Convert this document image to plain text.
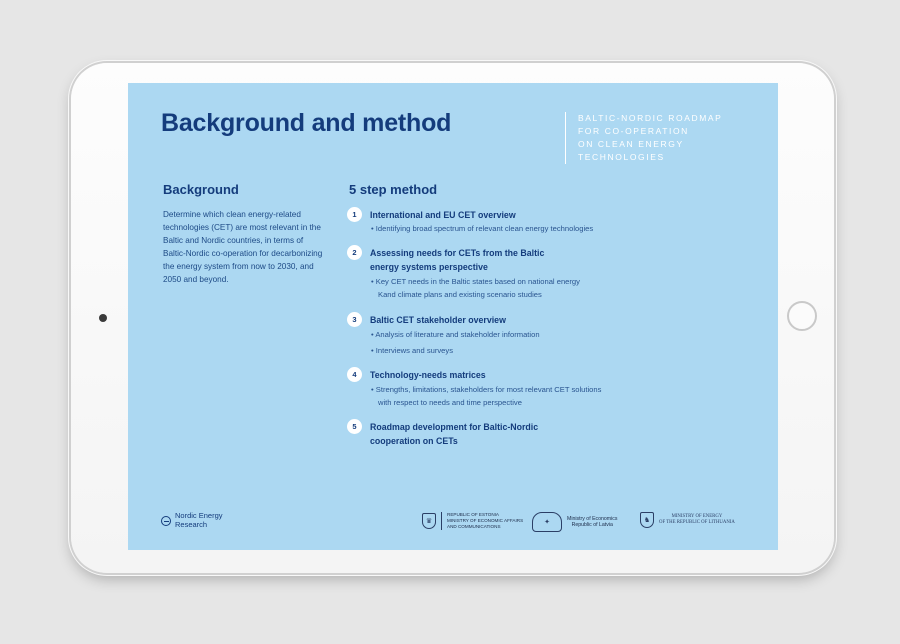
Background and method	BALTIC-NORDIC ROADMAP
FOR CO-OPERATION
ON CLEAN ENERGY
TECHNOLOGIES
Background
Determine which clean energy-related technologies (CET) are most relevant in the Baltic and Nordic countries, in terms of Baltic-Nordic co-operation for decarbonizing the energy system from now to 2030, and 2050 and beyond.
5 step method
1	International and EU CET overview
• Identifying broad spectrum of relevant clean energy technologies
2	Assessing needs for CETs from the Baltic energy systems perspective
• Key CET needs in the Baltic states based on national energy
Kand climate plans and existing scenario studies
3	Baltic CET stakeholder overview
• Analysis of literature and stakeholder information
• Interviews and surveys
4	Technology-needs matrices
• Strengths, limitations, stakeholders for most relevant CET solutions
with respect to needs and time perspective
5	Roadmap development for Baltic-Nordic cooperation on CETs
Nordic Energy
Research	♛
REPUBLIC OF ESTONIA
MINISTRY OF ECONOMIC AFFAIRS
AND COMMUNICATIONS
✦
Ministry of Economics
Republic of Latvia
♞
MINISTRY OF ENERGY
OF THE REPUBLIC OF LITHUANIA
